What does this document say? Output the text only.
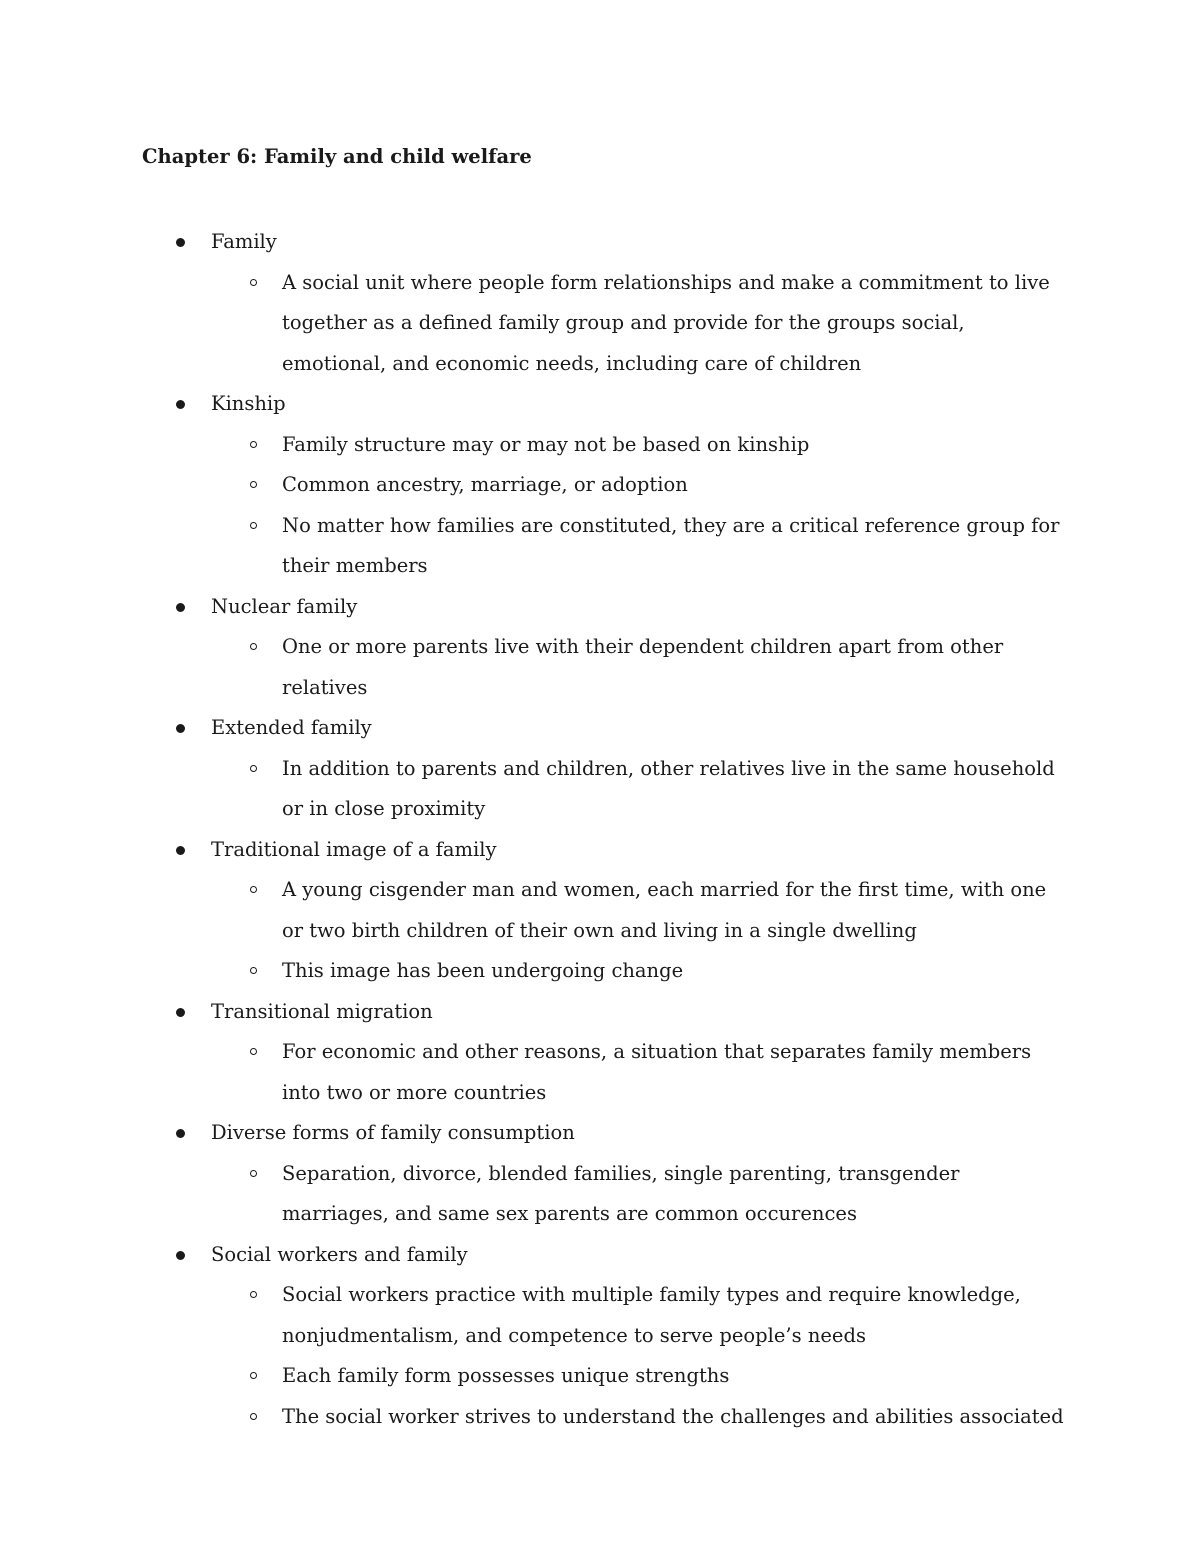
Chapter 6: Family and child welfare
Family
A social unit where people form relationships and make a commitment to live together as a defined family group and provide for the groups social, emotional, and economic needs, including care of children
Kinship
Family structure may or may not be based on kinship
Common ancestry, marriage, or adoption
No matter how families are constituted, they are a critical reference group for their members
Nuclear family
One or more parents live with their dependent children apart from other relatives
Extended family
In addition to parents and children, other relatives live in the same household or in close proximity
Traditional image of a family
A young cisgender man and women, each married for the first time, with one or two birth children of their own and living in a single dwelling
This image has been undergoing change
Transitional migration
For economic and other reasons, a situation that separates family members into two or more countries
Diverse forms of family consumption
Separation, divorce, blended families, single parenting, transgender marriages, and same sex parents are common occurences
Social workers and family
Social workers practice with multiple family types and require knowledge, nonjudmentalism, and competence to serve people’s needs
Each family form possesses unique strengths
The social worker strives to understand the challenges and abilities associated
